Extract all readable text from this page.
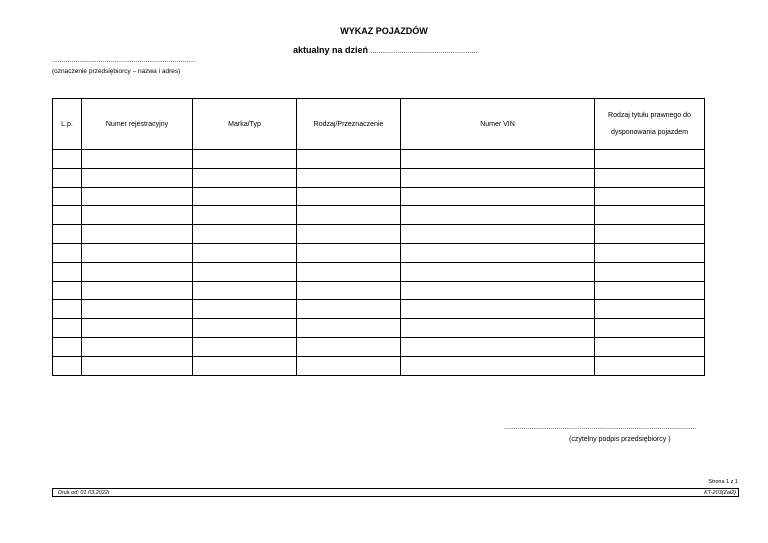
WYKAZ POJAZDÓW
aktualny na dzień .......................................................
..........................................................................
(oznaczenie przedsiębiorcy – nazwa i adres)
L.p.	Numer rejestracyjny	Marka/Typ	Rodzaj/Przeznaczenie	Numer VIN	Rodzaj tytułu prawnego do dysponowania pojazdem

...................................................................................................
(czytelny podpis przedsiębiorcy )
Strona 1 z 1
Druk od: 01.03.2022r.	KT-203(Zał2)
